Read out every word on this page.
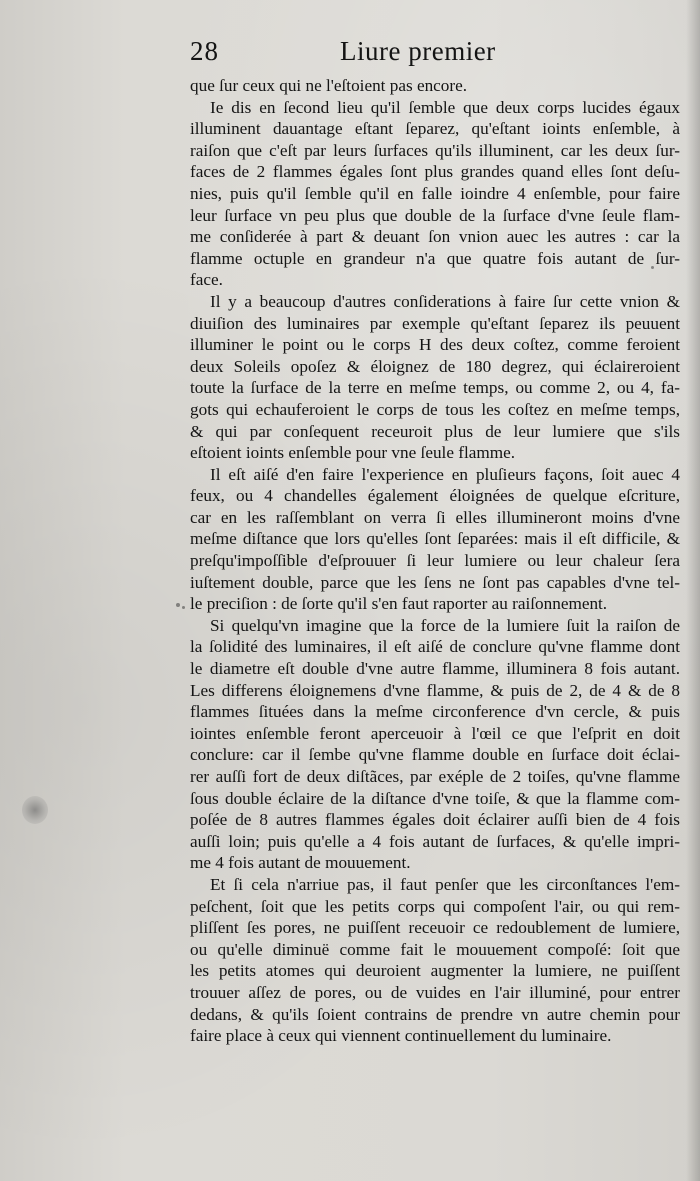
28	Liure premier
que ſur ceux qui ne l'eſtoient pas encore.
Ie dis en ſecond lieu qu'il ſemble que deux corps lucides égaux
illuminent dauantage eſtant ſeparez, qu'eſtant ioints enſemble, à
raiſon que c'eſt par leurs ſurfaces qu'ils illuminent, car les deux ſur-
faces de 2 flammes égales ſont plus grandes quand elles ſont deſu-
nies, puis qu'il ſemble qu'il en falle ioindre 4 enſemble, pour faire
leur ſurface vn peu plus que double de la ſurface d'vne ſeule flam-
me conſiderée à part & deuant ſon vnion auec les autres : car la
flamme octuple en grandeur n'a que quatre fois autant de ſur-
face.
Il y a beaucoup d'autres conſiderations à faire ſur cette vnion &
diuiſion des luminaires par exemple qu'eſtant ſeparez ils peuuent
illuminer le point ou le corps H des deux coſtez, comme feroient
deux Soleils opoſez & éloignez de 180 degrez, qui éclaireroient
toute la ſurface de la terre en meſme temps, ou comme 2, ou 4, fa-
gots qui echauferoient le corps de tous les coſtez en meſme temps,
& qui par conſequent receuroit plus de leur lumiere que s'ils
eſtoient ioints enſemble pour vne ſeule flamme.
Il eſt aiſé d'en faire l'experience en pluſieurs façons, ſoit auec 4
feux, ou 4 chandelles également éloignées de quelque eſcriture,
car en les raſſemblant on verra ſi elles illumineront moins d'vne
meſme diſtance que lors qu'elles ſont ſeparées: mais il eſt difficile, &
preſqu'impoſſible d'eſprouuer ſi leur lumiere ou leur chaleur ſera
iuſtement double, parce que les ſens ne ſont pas capables d'vne tel-
le preciſion : de ſorte qu'il s'en faut raporter au raiſonnement.
Si quelqu'vn imagine que la force de la lumiere ſuit la raiſon de
la ſolidité des luminaires, il eſt aiſé de conclure qu'vne flamme dont
le diametre eſt double d'vne autre flamme, illuminera 8 fois autant.
Les differens éloignemens d'vne flamme, & puis de 2, de 4 & de 8
flammes ſituées dans la meſme circonference d'vn cercle, & puis
iointes enſemble feront aperceuoir à l'œil ce que l'eſprit en doit
conclure: car il ſembe qu'vne flamme double en ſurface doit éclai-
rer auſſi fort de deux diſtãces, par exéple de 2 toiſes, qu'vne flamme
ſous double éclaire de la diſtance d'vne toiſe, & que la flamme com-
poſée de 8 autres flammes égales doit éclairer auſſi bien de 4 fois
auſſi loin; puis qu'elle a 4 fois autant de ſurfaces, & qu'elle impri-
me 4 fois autant de mouuement.
Et ſi cela n'arriue pas, il faut penſer que les circonſtances l'em-
peſchent, ſoit que les petits corps qui compoſent l'air, ou qui rem-
pliſſent ſes pores, ne puiſſent receuoir ce redoublement de lumiere,
ou qu'elle diminuë comme fait le mouuement compoſé: ſoit que
les petits atomes qui deuroient augmenter la lumiere, ne puiſſent
trouuer aſſez de pores, ou de vuides en l'air illuminé, pour entrer
dedans, & qu'ils ſoient contrains de prendre vn autre chemin pour
faire place à ceux qui viennent continuellement du luminaire.
